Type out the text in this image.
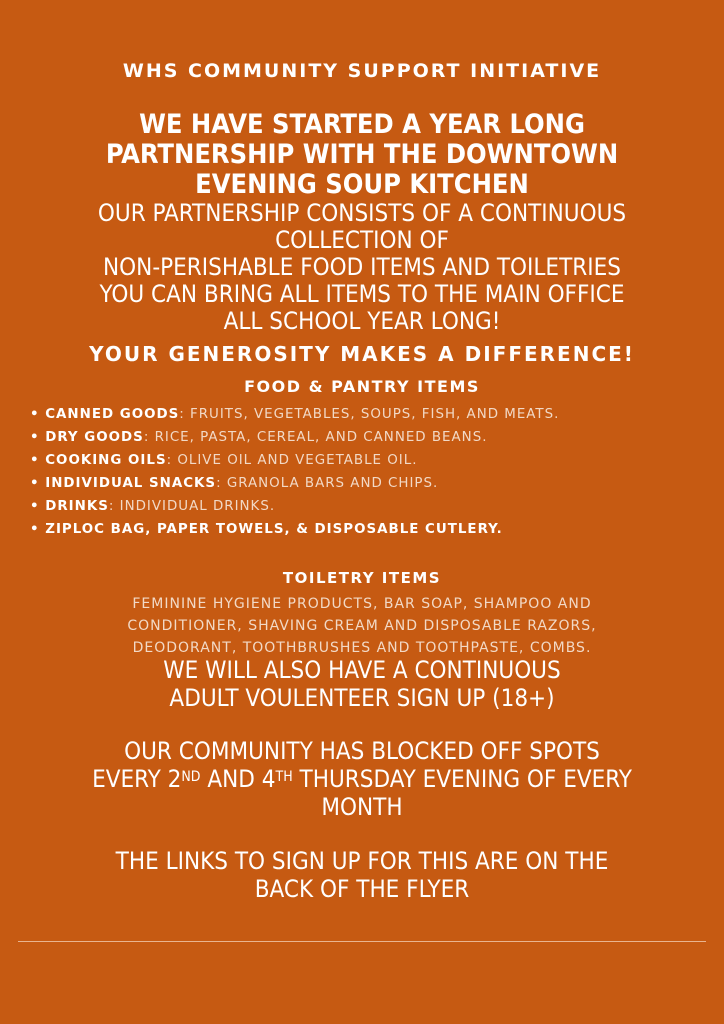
WHS COMMUNITY SUPPORT INITIATIVE
WE HAVE STARTED A YEAR LONG
PARTNERSHIP WITH THE DOWNTOWN
EVENING SOUP KITCHEN
OUR PARTNERSHIP CONSISTS OF A CONTINUOUS
COLLECTION OF
NON-PERISHABLE FOOD ITEMS AND TOILETRIES
YOU CAN BRING ALL ITEMS TO THE MAIN OFFICE
ALL SCHOOL YEAR LONG!
YOUR GENEROSITY MAKES A DIFFERENCE!
FOOD & PANTRY ITEMS
• CANNED GOODS: FRUITS, VEGETABLES, SOUPS, FISH, AND MEATS.
• DRY GOODS: RICE, PASTA, CEREAL, AND CANNED BEANS.
• COOKING OILS: OLIVE OIL AND VEGETABLE OIL.
• INDIVIDUAL SNACKS: GRANOLA BARS AND CHIPS.
• DRINKS: INDIVIDUAL DRINKS.
• ZIPLOC BAG, PAPER TOWELS, & DISPOSABLE CUTLERY.
TOILETRY ITEMS
FEMININE HYGIENE PRODUCTS, BAR SOAP, SHAMPOO AND
CONDITIONER, SHAVING CREAM AND DISPOSABLE RAZORS,
DEODORANT, TOOTHBRUSHES AND TOOTHPASTE, COMBS.
WE WILL ALSO HAVE A CONTINUOUS
ADULT VOULENTEER SIGN UP (18+)
OUR COMMUNITY HAS BLOCKED OFF SPOTS
EVERY 2ND AND 4TH THURSDAY EVENING OF EVERY
MONTH
THE LINKS TO SIGN UP FOR THIS ARE ON THE
BACK OF THE FLYER
